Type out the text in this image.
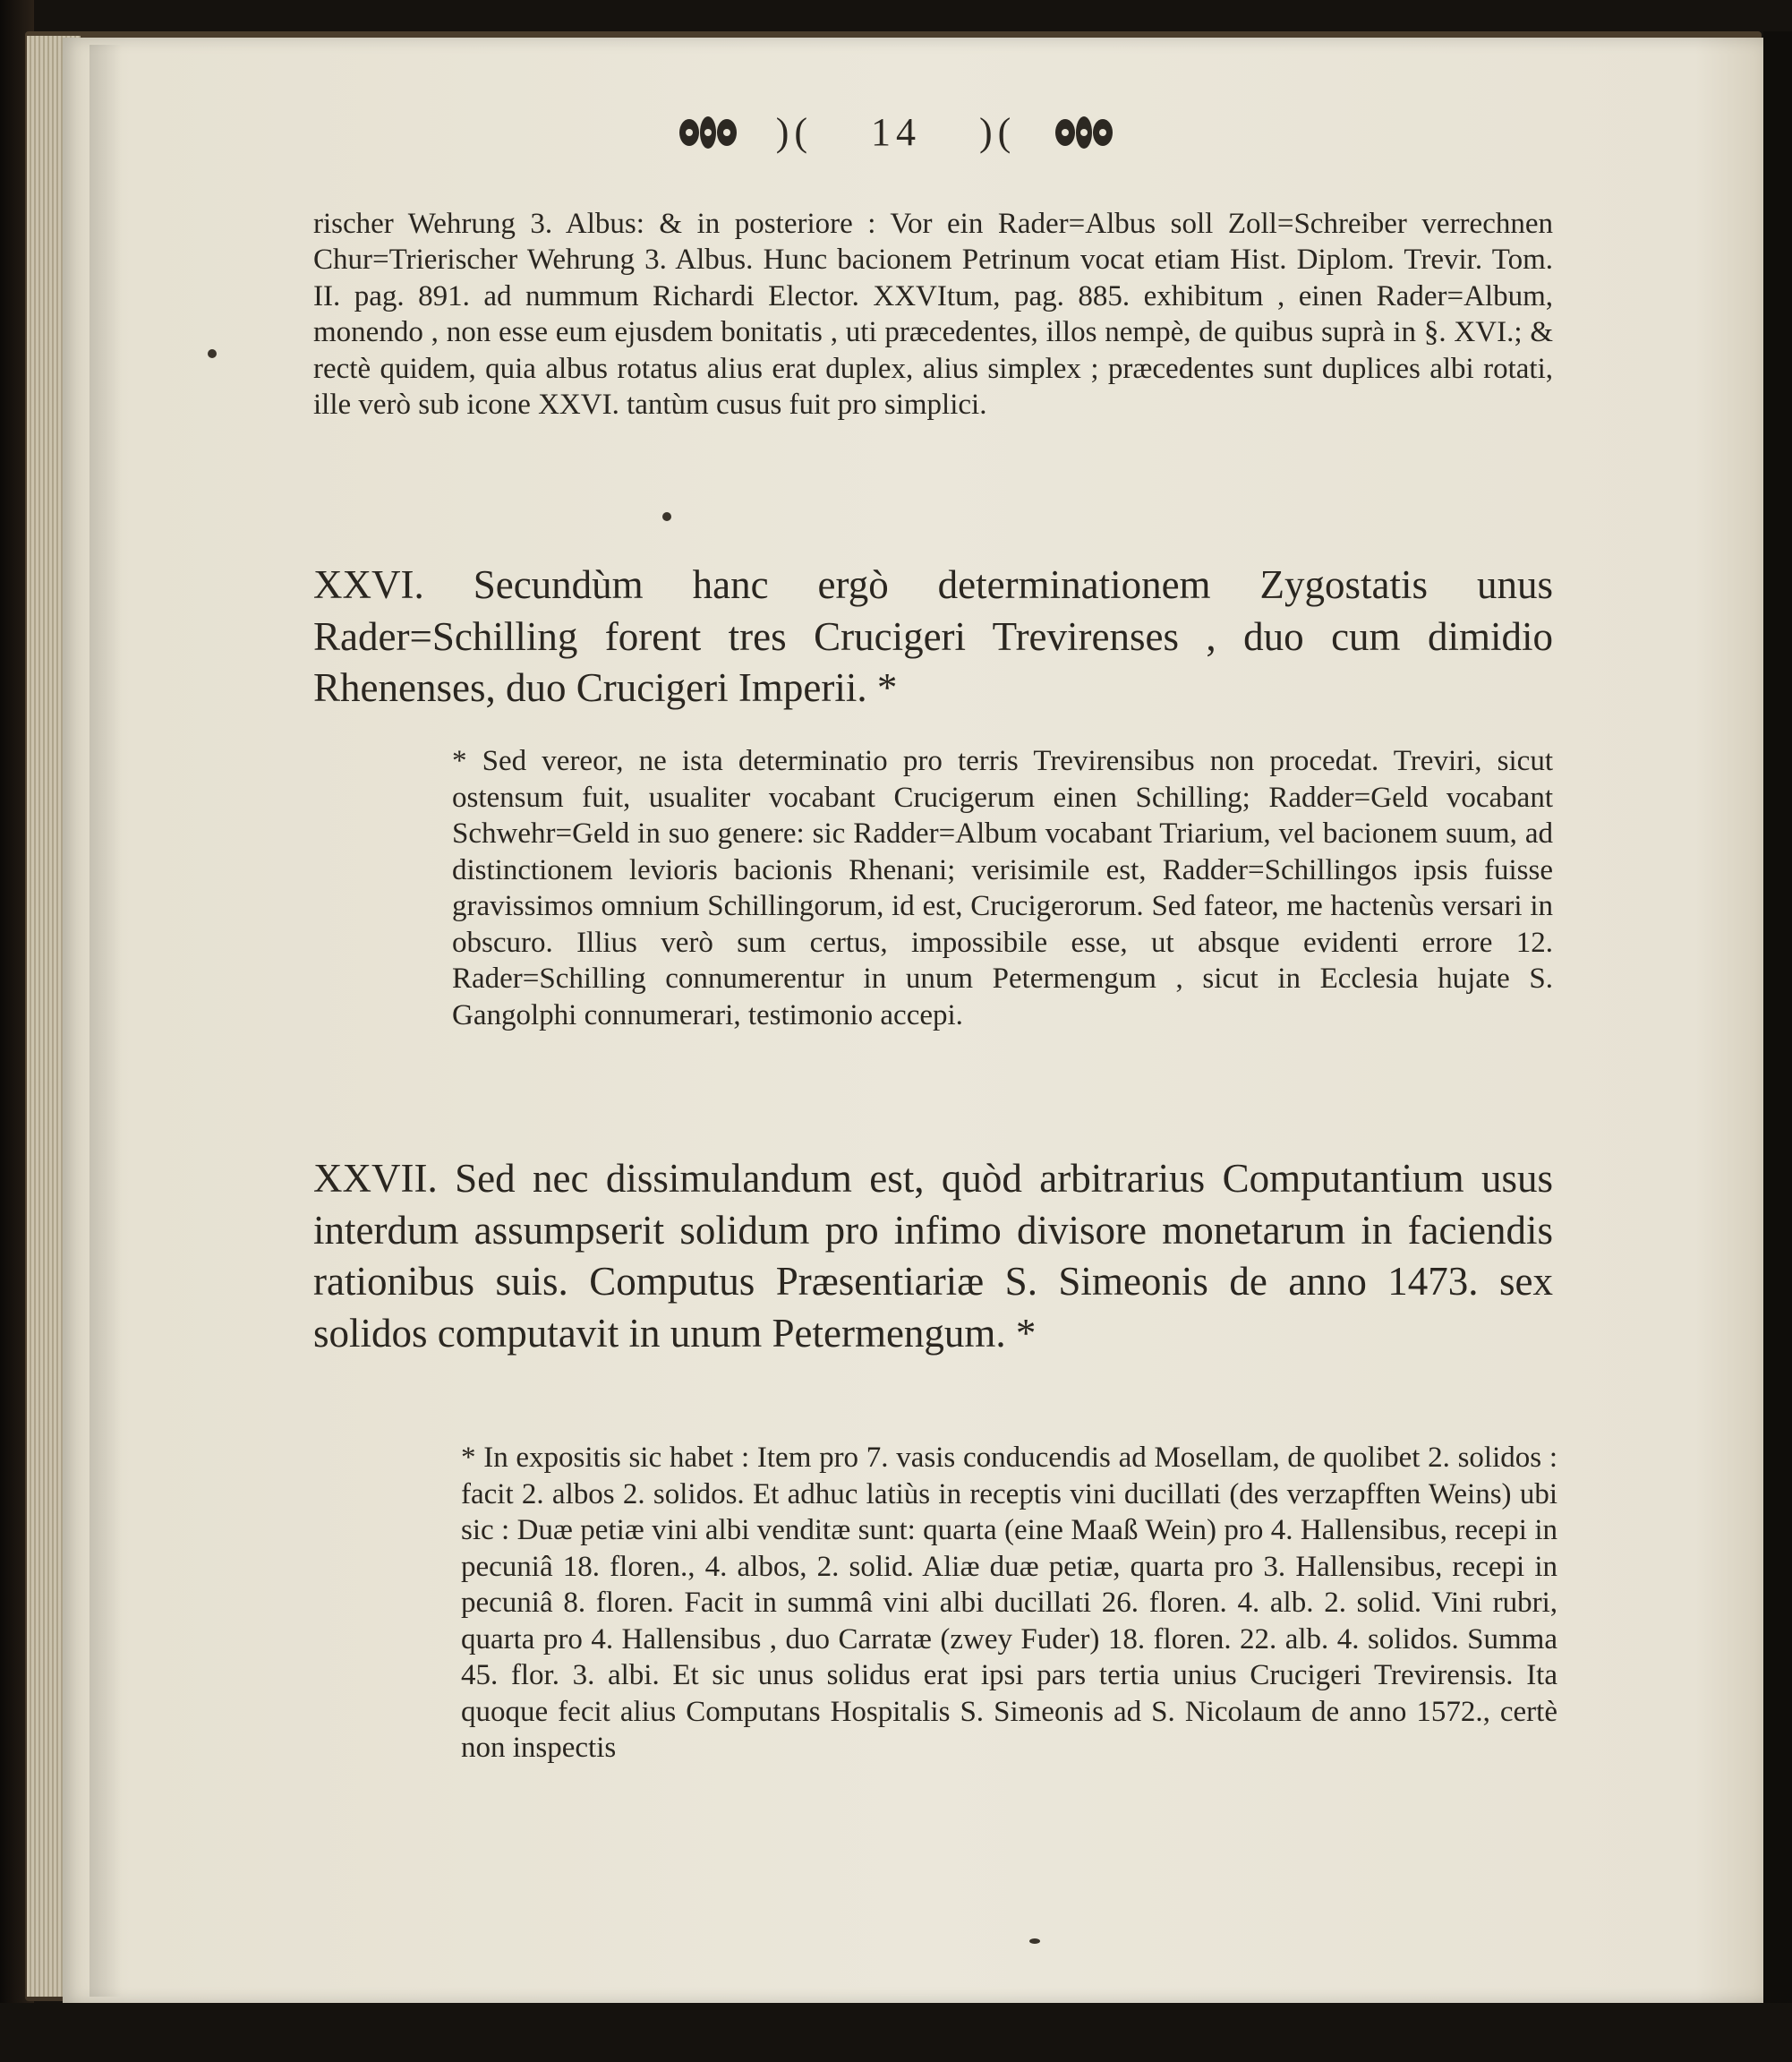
)( 14 )(

rischer Wehrung 3. Albus: & in posteriore : Vor ein Rader=Albus soll Zoll=Schreiber verrechnen Chur=Trierischer Wehrung 3. Albus. Hunc bacionem Petrinum vocat etiam Hist. Diplom. Trevir. Tom. II. pag. 891. ad nummum Richardi Elector. XXVItum, pag. 885. exhibitum , einen Rader=Album, monendo , non esse eum ejusdem bonitatis , uti præcedentes, illos nempè, de quibus suprà in §. XVI.; & rectè quidem, quia albus rotatus alius erat duplex, alius simplex ; præcedentes sunt duplices albi rotati, ille verò sub icone XXVI. tantùm cusus fuit pro simplici.

XXVI. Secundùm hanc ergò determinationem Zygostatis unus Rader=Schilling forent tres Crucigeri Trevirenses , duo cum dimidio Rhenenses, duo Crucigeri Imperii. *

* Sed vereor, ne ista determinatio pro terris Trevirensibus non procedat. Treviri, sicut ostensum fuit, usualiter vocabant Crucigerum einen Schilling; Radder=Geld vocabant Schwehr=Geld in suo genere: sic Radder=Album vocabant Triarium, vel bacionem suum, ad distinctionem levioris bacionis Rhenani; verisimile est, Radder=Schillingos ipsis fuisse gravissimos omnium Schillingorum, id est, Crucigerorum. Sed fateor, me hactenùs versari in obscuro. Illius verò sum certus, impossibile esse, ut absque evidenti errore 12. Rader=Schilling connumerentur in unum Petermengum , sicut in Ecclesia hujate S. Gangolphi connumerari, testimonio accepi.

XXVII. Sed nec dissimulandum est, quòd arbitrarius Computantium usus interdum assumpserit solidum pro infimo divisore monetarum in faciendis rationibus suis. Computus Præsentiariæ S. Simeonis de anno 1473. sex solidos computavit in unum Petermengum. *

* In expositis sic habet : Item pro 7. vasis conducendis ad Mosellam, de quolibet 2. solidos : facit 2. albos 2. solidos. Et adhuc latiùs in receptis vini ducillati (des verzapfften Weins) ubi sic : Duæ petiæ vini albi venditæ sunt: quarta (eine Maaß Wein) pro 4. Hallensibus, recepi in pecuniâ 18. floren., 4. albos, 2. solid. Aliæ duæ petiæ, quarta pro 3. Hallensibus, recepi in pecuniâ 8. floren. Facit in summâ vini albi ducillati 26. floren. 4. alb. 2. solid. Vini rubri, quarta pro 4. Hallensibus , duo Carratæ (zwey Fuder) 18. floren. 22. alb. 4. solidos. Summa 45. flor. 3. albi. Et sic unus solidus erat ipsi pars tertia unius Crucigeri Trevirensis. Ita quoque fecit alius Computans Hospitalis S. Simeonis ad S. Nicolaum de anno 1572., certè non inspectis
